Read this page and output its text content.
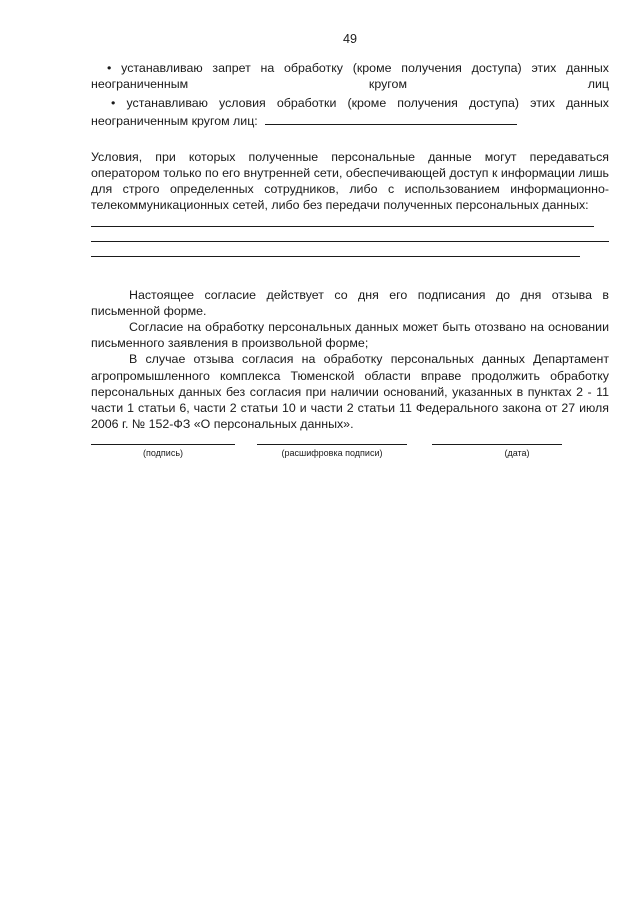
49
• устанавливаю запрет на обработку (кроме получения доступа) этих данных неограниченным кругом лиц
• устанавливаю условия обработки (кроме получения доступа) этих данных неограниченным кругом лиц:
Условия, при которых полученные персональные данные могут передаваться оператором только по его внутренней сети, обеспечивающей доступ к информации лишь для строго определенных сотрудников, либо с использованием информационно-телекоммуникационных сетей, либо без передачи полученных персональных данных:

Настоящее согласие действует со дня его подписания до дня отзыва в письменной форме.

Согласие на обработку персональных данных может быть отозвано на основании письменного заявления в произвольной форме;

В случае отзыва согласия на обработку персональных данных Департамент агропромышленного комплекса Тюменской области вправе продолжить обработку персональных данных без согласия при наличии оснований, указанных в пунктах 2 - 11 части 1 статьи 6, части 2 статьи 10 и части 2 статьи 11 Федерального закона от 27 июля 2006 г. № 152-ФЗ «О персональных данных».

(подпись)	(расшифровка подписи)	(дата)
